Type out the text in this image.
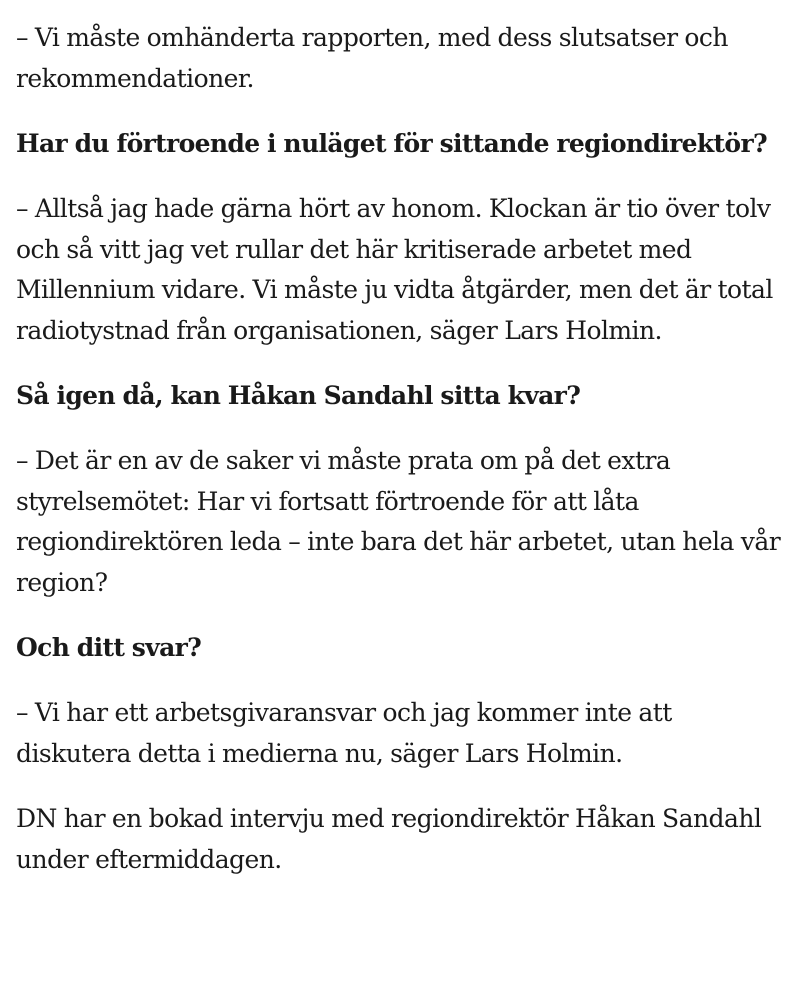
– Vi måste omhänderta rapporten, med dess slutsatser och rekommendationer.

Har du förtroende i nuläget för sittande regiondirektör?

– Alltså jag hade gärna hört av honom. Klockan är tio över tolv och så vitt jag vet rullar det här kritiserade arbetet med Millennium vidare. Vi måste ju vidta åtgärder, men det är total radiotystnad från organisationen, säger Lars Holmin.

Så igen då, kan Håkan Sandahl sitta kvar?

– Det är en av de saker vi måste prata om på det extra styrelsemötet: Har vi fortsatt förtroende för att låta regiondirektören leda – inte bara det här arbetet, utan hela vår region?

Och ditt svar?

– Vi har ett arbetsgivaransvar och jag kommer inte att diskutera detta i medierna nu, säger Lars Holmin.

DN har en bokad intervju med regiondirektör Håkan Sandahl under eftermiddagen.
